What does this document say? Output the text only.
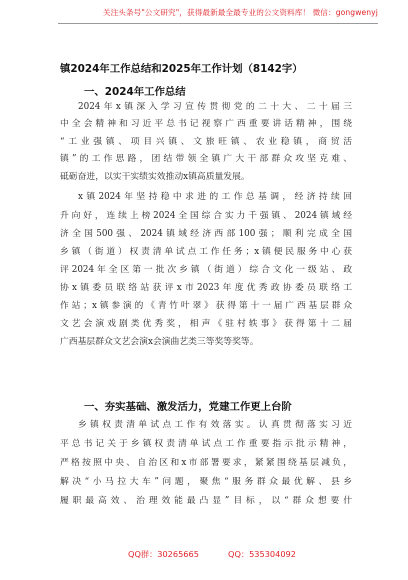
关注头条号"公文研究"，获得最新最全最专业的公文资料库！ 微信：gongwenyj
镇2024年工作总结和2025年工作计划（8142字）
一、2024年工作总结
2024年x镇深入学习宣传贯彻党的二十大、二十届三
中全会精神和习近平总书记视察广西重要讲话精神，围绕
“工业强镇、项目兴镇、文旅旺镇、农业稳镇，商贸活
镇”的工作思路，团结带领全镇广大干部群众攻坚克难、
砥砺奋进，以实干实绩实效推动x镇高质量发展。
x镇2024年坚持稳中求进的工作总基调，经济持续回
升向好，连续上榜2024全国综合实力千强镇、2024镇域经
济全国500强、2024镇域经济西部100强；顺利完成全国
乡镇（街道）权责清单试点工作任务；x镇便民服务中心获
评2024年全区第一批次乡镇（街道）综合文化一级站、政
协x镇委员联络站获评x市2023年度优秀政协委员联络工
作站；x镇参演的《青竹叶翠》获得第十一届广西基层群众
文艺会演戏剧类优秀奖，相声《驻村轶事》获得第十二届
广西基层群众文艺会演x会演曲艺类三等奖等奖等。
一、夯实基础、激发活力，党建工作更上台阶
乡镇权责清单试点工作有效落实。认真贯彻落实习近
平总书记关于乡镇权责清单试点工作重要指示批示精神，
严格按照中央、自治区和x市部署要求，紧紧围绕基层减负，
解决“小马拉大车”问题，聚焦“服务群众最优解、县乡
履职最高效、治理效能最凸显”目标，以“群众想要什
QQ群：30265665	QQ：535304092
